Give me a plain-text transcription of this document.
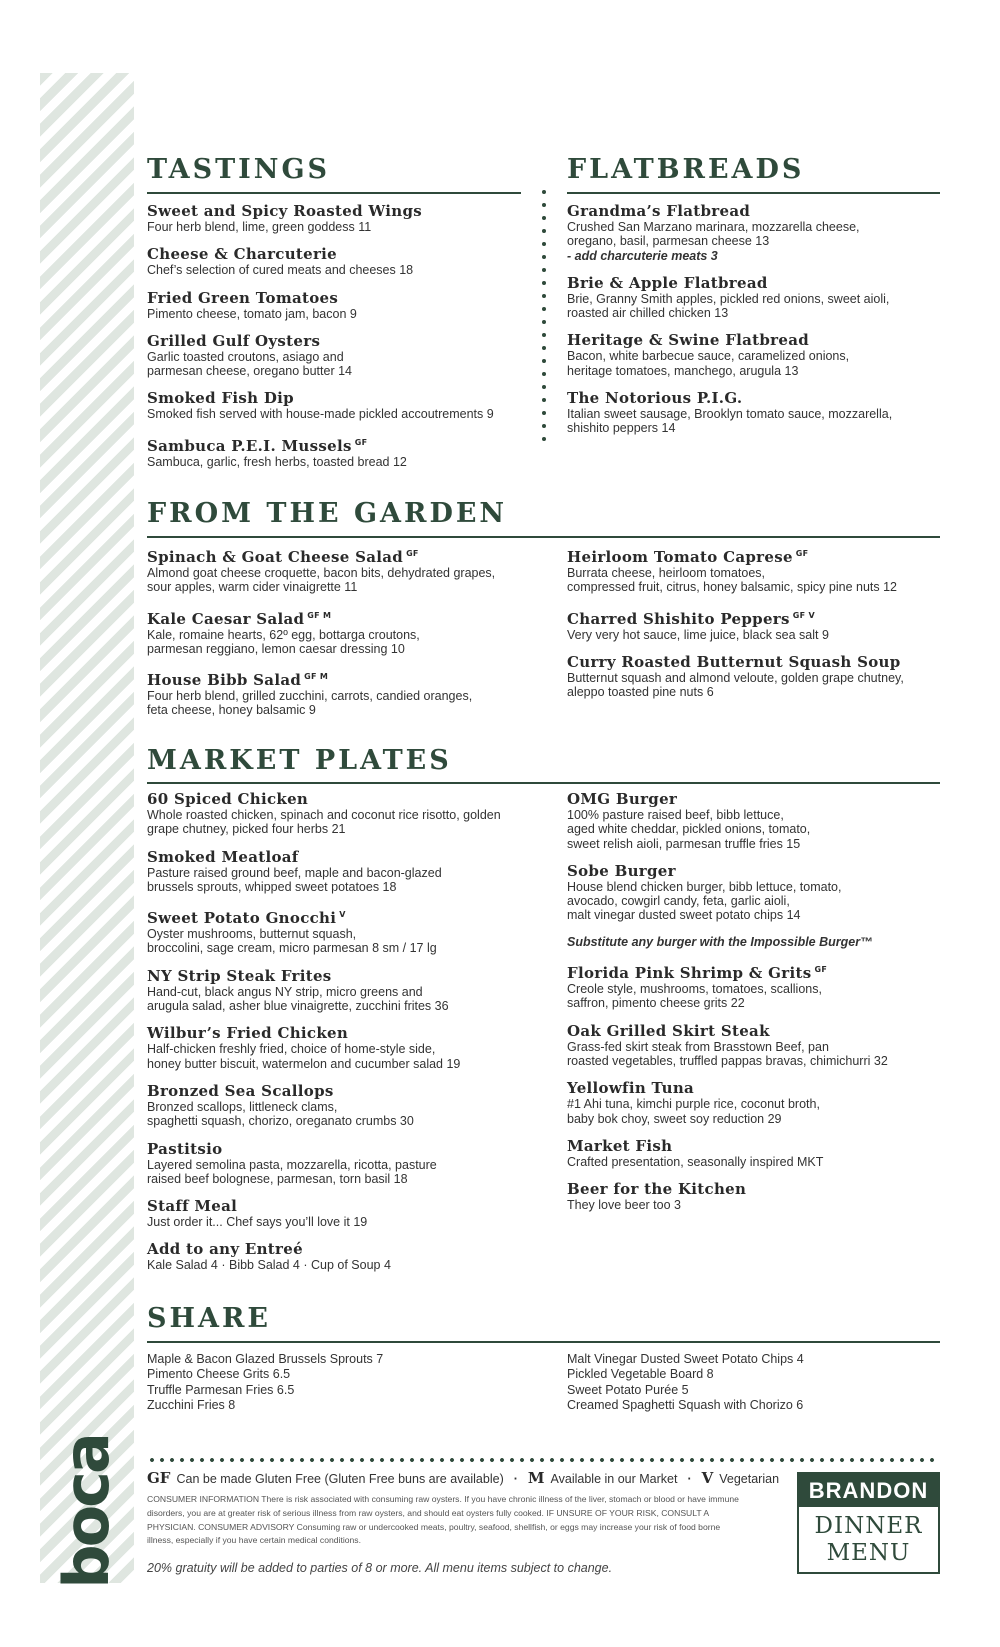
boca
TASTINGS
Sweet and Spicy Roasted Wings
Four herb blend, lime, green goddess 11
Cheese & Charcuterie
Chef’s selection of cured meats and cheeses 18
Fried Green Tomatoes
Pimento cheese, tomato jam, bacon 9
Grilled Gulf Oysters
Garlic toasted croutons, asiago and
parmesan cheese, oregano butter 14
Smoked Fish Dip
Smoked fish served with house-made pickled accoutrements 9
Sambuca P.E.I. Mussels $^{GF}$
Sambuca, garlic, fresh herbs, toasted bread 12
FLATBREADS
Grandma’s Flatbread
Crushed San Marzano marinara, mozzarella cheese,
oregano, basil, parmesan cheese 13
- add charcuterie meats 3
Brie & Apple Flatbread
Brie, Granny Smith apples, pickled red onions, sweet aioli,
roasted air chilled chicken 13
Heritage & Swine Flatbread
Bacon, white barbecue sauce, caramelized onions,
heritage tomatoes, manchego, arugula 13
The Notorious P.I.G.
Italian sweet sausage, Brooklyn tomato sauce, mozzarella,
shishito peppers 14
FROM THE GARDEN
Spinach & Goat Cheese Salad $^{GF}$
Almond goat cheese croquette, bacon bits, dehydrated grapes,
sour apples, warm cider vinaigrette 11
Kale Caesar Salad $^{GF M}$
Kale, romaine hearts, 62º egg, bottarga croutons,
parmesan reggiano, lemon caesar dressing 10
House Bibb Salad $^{GF M}$
Four herb blend, grilled zucchini, carrots, candied oranges,
feta cheese, honey balsamic 9
Heirloom Tomato Caprese $^{GF}$
Burrata cheese, heirloom tomatoes,
compressed fruit, citrus, honey balsamic, spicy pine nuts 12
Charred Shishito Peppers $^{GF V}$
Very very hot sauce, lime juice, black sea salt 9
Curry Roasted Butternut Squash Soup
Butternut squash and almond veloute, golden grape chutney,
aleppo toasted pine nuts 6
MARKET PLATES
60 Spiced Chicken
Whole roasted chicken, spinach and coconut rice risotto, golden
grape chutney, picked four herbs 21
Smoked Meatloaf
Pasture raised ground beef, maple and bacon-glazed
brussels sprouts, whipped sweet potatoes 18
Sweet Potato Gnocchi $^V$
Oyster mushrooms, butternut squash,
broccolini, sage cream, micro parmesan 8 sm / 17 lg
NY Strip Steak Frites
Hand-cut, black angus NY strip, micro greens and
arugula salad, asher blue vinaigrette, zucchini frites 36
Wilbur’s Fried Chicken
Half-chicken freshly fried, choice of home-style side,
honey butter biscuit, watermelon and cucumber salad 19
Bronzed Sea Scallops
Bronzed scallops, littleneck clams,
spaghetti squash, chorizo, oreganato crumbs 30
Pastitsio
Layered semolina pasta, mozzarella, ricotta, pasture
raised beef bolognese, parmesan, torn basil 18
Staff Meal
Just order it... Chef says you’ll love it 19
Add to any Entreé
Kale Salad 4 · Bibb Salad 4 · Cup of Soup 4
OMG Burger
100% pasture raised beef, bibb lettuce,
aged white cheddar, pickled onions, tomato,
sweet relish aioli, parmesan truffle fries 15
Sobe Burger
House blend chicken burger, bibb lettuce, tomato,
avocado, cowgirl candy, feta, garlic aioli,
malt vinegar dusted sweet potato chips 14
Substitute any burger with the Impossible Burger™
Florida Pink Shrimp & Grits $^{GF}$
Creole style, mushrooms, tomatoes, scallions,
saffron, pimento cheese grits 22
Oak Grilled Skirt Steak
Grass-fed skirt steak from Brasstown Beef, pan
roasted vegetables, truffled pappas bravas, chimichurri 32
Yellowfin Tuna
#1 Ahi tuna, kimchi purple rice, coconut broth,
baby bok choy, sweet soy reduction 29
Market Fish
Crafted presentation, seasonally inspired MKT
Beer for the Kitchen
They love beer too 3
SHARE
Maple & Bacon Glazed Brussels Sprouts 7
Pimento Cheese Grits 6.5
Truffle Parmesan Fries 6.5
Zucchini Fries 8
Malt Vinegar Dusted Sweet Potato Chips 4
Pickled Vegetable Board 8
Sweet Potato Purée 5
Creamed Spaghetti Squash with Chorizo 6
GF Can be made Gluten Free (Gluten Free buns are available) · M Available in our Market · V Vegetarian
CONSUMER INFORMATION There is risk associated with consuming raw oysters. If you have chronic illness of the liver, stomach or blood or have immune disorders, you are at greater risk of serious illness from raw oysters, and should eat oysters fully cooked. IF UNSURE OF YOUR RISK, CONSULT A PHYSICIAN. CONSUMER ADVISORY Consuming raw or undercooked meats, poultry, seafood, shellfish, or eggs may increase your risk of food borne illness, especially if you have certain medical conditions.
20% gratuity will be added to parties of 8 or more. All menu items subject to change.
BRANDON
DINNER
MENU
